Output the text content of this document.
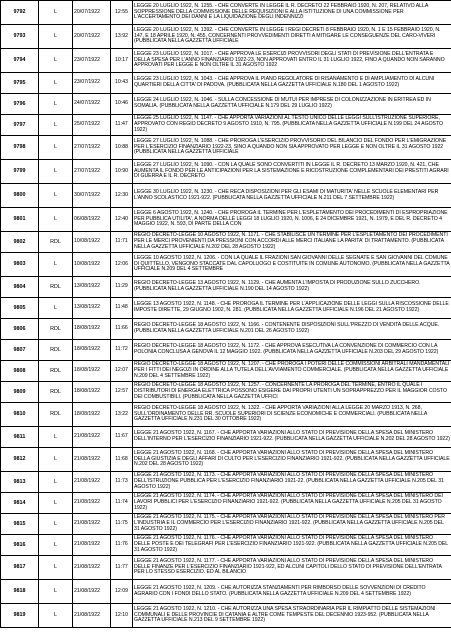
9792	L	20/07/1922	12:55	LEGGE 20 LUGLIO 1922, N. 1255. - CHE CONVERTE IN LEGGE IL R. DECRETO 22 FEBBRAIO 1920, N. 207, RELATIVO ALLA SOPPRESSIONE DELLA COMMISSIONE DELLE REQUISIZIONI E ALLA ISTITUZIONE DI UNA COMMISSIONE PER L'ACCERTAMENTO DEI DANNI E LA LIQUIDAZIONE DEGLI INDENNIZZI
9793	L	20/07/1922	13:92	LEGGE 20 LUGLIO 1922, N. 1392. - CHE CONVERTE IN LEGGE I REGI DECRETI 8 FEBBRAIO 1920, N. 1 E 15 FEBBRAIO 1920, N. 147, E 18 APRILE 1920, N. 455, CONCERNENTI PROVVEDIMENTI DIRETTI A MITIGARE LE CONSEGUENZE DEL CARO-VIVERI (PUBBLICATA NELLA GAZZETTA UFFICIALE
9794	L	23/07/1922	10:17	LEGGE 23 LUGLIO 1922, N. 1017. - CHE APPROVA LE ESERCIZI PROVVISORI DEGLI STATI DI PREVISIONE DELL'ENTRATA E DELLA SPESA PER L'ANNO FINANZIARIO 1922-23, NON APPROVATI ENTRO IL 31 LUGLIO 1922, FINO A QUANDO NON SARANNO APPROVATI PER LEGGE E NON OLTRE IL 31 AGOSTO 1922
9795	L	23/07/1922	10:43	LEGGE 23 LUGLIO 1922, N. 1043. - CHE APPROVA IL PIANO REGOLATORE DI RISANAMENTO E DI AMPLIAMENTO DI ALCUNI QUARTIERI DELLA CITTA' DI PADOVA. (PUBBLICATA NELLA GAZZETTA UFFICIALE N.180 DEL 1 AGOSTO 1922)
9796	L	24/07/1922	10:46	LEGGE 24 LUGLIO 1922, N. 1046. - SULLA CONCESSIONE DI MUTUI PER IMPRESE DI COLONIZZAZIONE IN ERITREA ED IN SOMALIA. (PUBBLICATA NELLA GAZZETTA UFFICIALE N.179 DEL 29 LUGLIO 1922)
9797	L	25/07/1922	11:47	LEGGE 25 LUGLIO 1922, N. 1147. - CHE APPORTA VARIAZIONI AL TESTO UNICO DELLE LEGGI SULL'ISTRUZIONE SUPERIORE, APPROVATO CON REGIO DECRETO 9 AGOSTO 1910, N. 795. (PUBBLICATA NELLA GAZZETTA UFFICIALE N.199 DEL 24 AGOSTO 1922)
9798	L	27/07/1922	10:88	LEGGE 27 LUGLIO 1922, N. 1088. - CHE PROROGA L'ESERCIZIO PROVVISORIO DEL BILANCIO DEL FONDO PER L'EMIGRAZIONE PER L'ESERCIZIO FINANZIARIO 1922-23, SINO A QUANDO NON SIA APPROVATO PER LEGGE E NON OLTRE IL 31 AGOSTO 1922 (PUBBLICATA NELLA GAZZETTA UFFICIALE
9799	L	27/07/1922	10:90	LEGGE 27 LUGLIO 1922, N. 1090. - CON LA QUALE SONO CONVERTITI IN LEGGE IL R. DECRETO 13 MARZO 1920, N. 421, CHE AUMENTA IL FONDO PER LE ANTICIPAZIONI PER LA SISTEMAZIONE E RICOSTRUZIONE COMPLEMENTARI DEI PRESTITI AGRARI DI GUERRA E IL R. DECRETO
9800	L	30/07/1922	12:30	LEGGE 30 LUGLIO 1922, N. 1230. - CHE RECA DISPOSIZIONI PER GLI ESAMI DI MATURITA' NELLE SCUOLE ELEMENTARI PER L'ANNO SCOLASTICO 1921-922. (PUBBLICATA NELLA GAZZETTA UFFICIALE N.211 DEL 7 SETTEMBRE 1922)
9801	L	06/08/1922	12:40	LEGGE 6 AGOSTO 1922, N. 1240. - CHE PROROGA IL TERMINE PER L'ESPLETAMENTO DEI PROCEDIMENTI DI ESPROPRIAZIONE PER PUBBLICA UTILITA', A NORMA DELLE LEGGI 18 LUGLIO 1920, N. 1006, E 24 DICEMBRE 1921, N. 1979, E DEL R. DECRETO 4 MAGGIO 1922, N. 593, DI PARTE DELLA CON
9802	RDL	10/08/1922	11:71	REGIO DECRETO-LEGGE 10 AGOSTO 1922, N. 1171. - CHE STABILISCE UN TERMINE PER L'ESPLETAMENTO DEI PROCEDIMENTI PER LE MERCI PROVENIENTI DA PRESSIONI CON ACCORDI ALLE MERCI ITALIANE LA PARITA' DI TRATTAMENTO. (PUBBLICATA NELLA GAZZETTA UFFICIALE N.202 DEL 28 AGOSTO 1922)
9803	L	10/08/1922	12:06	LEGGE 10 AGOSTO 1922, N. 1206. - CON LA QUALE IL FRAZIONI SAN GIOVANNI DELLE SEGNATE E SAN GIOVANNI DEL COMUNE DI QUITTELLO, VENGONO STACCATE DAL CAPOLUOGO E COSTITUITE IN COMUNE AUTONOMO. (PUBBLICATA NELLA GAZZETTA UFFICIALE N.209 DEL 4 SETTEMBRE
9804	RDL	13/08/1922	11:29	REGIO DECRETO-LEGGE 13 AGOSTO 1922, N. 1129. - CHE AUMENTA L'IMPOSTA DI PRODUZIONE SULLO ZUCCHERO. (PUBBLICATA NELLA GAZZETTA UFFICIALE N.190 DEL 14 AGOSTO 1922)
9805	L	13/08/1922	11:48	LEGGE 13 AGOSTO 1922, N. 1148. - CHE PROROGA IL TERMINE PER L'APPLICAZIONE DELLE LEGGI SULLA RISCOSSIONE DELLE IMPOSTE DIRETTE, 29 GIUGNO 1902, N. 281. (PUBBLICATA NELLA GAZZETTA UFFICIALE N.196 DEL 21 AGOSTO 1922)
9806	RDL	18/08/1922	11:66	REGIO DECRETO-LEGGE 18 AGOSTO 1922, N. 1166. - CONTENENTE DISPOSIZIONI SULL'PREZZO DI VENDITA DELLE ACQUE. (PUBBLICATA NELLA GAZZETTA UFFICIALE N.201 DEL 26 AGOSTO 1922)
9807	RDL	18/08/1922	11:72	REGIO DECRETO-LEGGE 18 AGOSTO 1922, N. 1172. - CHE APPROVA ESECUTIVA LA CONVENZIONE DI COMMERCIO CON LA POLONIA CONCLUSA A GENOVA IL 12 MAGGIO 1922. (PUBBLICATA NELLA GAZZETTA UFFICIALE N.203 DEL 29 AGOSTO 1922)
9808	RDL	18/08/1922	12:07	REGIO DECRETO-LEGGE 18 AGOSTO 1922, N. 1207. - CHE PROROGA I POTERI DELLE COMMISSIONI ARBITRALI MANDAMENTALI PER I FITTI DEI NEGOZI IN ORDINE ALLA TUTELA DELL'AVVIAMENTO COMMERCIALE. (PUBBLICATA NELLA GAZZETTA UFFICIALE N.209 DEL 4 SETTEMBRE 1922)
9809	RDL	18/08/1922	12:57	REGIO DECRETO-LEGGE 18 AGOSTO 1922, N. 1257. - CONCERNENTE LA PROROGA DEL TERMINE, ENTRO IL QUALE I DISTRIBUTORI DI ENERGIA ELETTRICA POSSONO ESIGERE DAI PROPRI UTENTI UN SOPRAPPREZZO PER IL MAGGIOR COSTO DEI COMBUSTIBILI. (PUBBLICATA NELLA GAZZETTA UFFICI
9810	RDL	18/08/1922	13:22	REGIO DECRETO-LEGGE 18 AGOSTO 1922, N. 1322. - CHE APPORTA VARIAZIONI ALLA LEGGE 20 MARZO 1913, N. 268, SULL'ORDINAMENTO DELLE RR. SCUOLE SUPERIORI DI SCIENZE ECONOMICHE E COMMERCIALI. (PUBBLICATA NELLA GAZZETTA UFFICIALE N.231 DEL 30 OTTOBRE 1922)
9811	L	21/08/1922	11:67	LEGGE 21 AGOSTO 1922, N. 1167. - CHE APPORTA VARIAZIONI ALLO STATO DI PREVISIONE DELLA SPESA DEL MINISTERO DELL'INTERNO PER L'ESERCIZIO FINANZIARIO 1921-922. (PUBBLICATA NELLA GAZZETTA UFFICIALE N.202 DEL 28 AGOSTO 1922)
9812	L	21/08/1922	11:68	LEGGE 21 AGOSTO 1922, N. 1168. - CHE APPORTA VARIAZIONI ALLO STATO DI PREVISIONE DELLA SPESA DEL MINISTERO DELLA GIUSTIZIA E DEGLI AFFARI DI CULTO PER L'ESERCIZIO FINANZIARIO 1921-922. (PUBBLICATA NELLA GAZZETTA UFFICIALE N.202 DEL 28 AGOSTO 1922)
9813	L	21/08/1922	11:73	LEGGE 21 AGOSTO 1922, N. 1173. - CHE APPORTA VARIAZIONI ALLO STATO DI PREVISIONE DELLA SPESA DEL MINISTERO DELL'ISTRUZIONE PUBBLICA PER L'ESERCIZIO FINANZIARIO 1921-22. (PUBBLICATA NELLA GAZZETTA UFFICIALE N.205 DEL 31 AGOSTO 1922)
9814	L	21/08/1922	11:74	LEGGE 21 AGOSTO 1922, N. 1174. - CHE APPORTA VARIAZIONI ALLO STATO DI PREVISIONE DELLA SPESA DEL MINISTERO DEI LAVORI PUBBLICI PER L'ESERCIZIO FINANZIARIO 1921-922. (PUBBLICATA NELLA GAZZETTA UFFICIALE N.205 DEL 31 AGOSTO 1922)
9815	L	21/08/1922	11:75	LEGGE 21 AGOSTO 1922, N. 1175. - CHE APPORTA VARIAZIONI ALLO STATO DI PREVISIONE DELLA SPESA DEL MINISTERO PER L'INDUSTRIA E IL COMMERCIO PER L'ESERCIZIO FINANZIARIO 1921-922. (PUBBLICATA NELLA GAZZETTA UFFICIALE N.205 DEL 31 AGOSTO 1922)
9816	L	21/08/1922	11:76	LEGGE 21 AGOSTO 1922, N. 1176. - CHE APPORTA VARIAZIONI ALLO STATO DI PREVISIONE DELLA SPESA DEL MINISTERO DELLE POSTE E DEI TELEGRAFI PER L'ESERCIZIO FINANZIARIO 1921-922. (PUBBLICATA NELLA GAZZETTA UFFICIALE N.205 DEL 31 AGOSTO 1922)
9817	L	21/08/1922	11:77	LEGGE 21 AGOSTO 1922, N. 1177. - CHE APPORTA VARIAZIONI ALLO STATO DI PREVISIONE DELLA SPESA DEL MINISTERO DELLE FINANZE PER L'ESERCIZIO FINANZIARIO 1921-922, ED ALCUNI CAPITOLI DELLO STATO DI PREVISIONE DELL'ENTRATA PER LO STESSO ESERCIZIO. ED AL BILANCIO
9818	L	21/08/1922	12:09	LEGGE 21 AGOSTO 1922, N. 1209. - CHE AUTORIZZA STANZIAMENTI PER RIMBORSO DELLE SOVVENZIONI DI CREDITO AGRARIO CON I FONDI DELLO STATO. (PUBBLICATA NELLA GAZZETTA UFFICIALE N.209 DEL 4 SETTEMBRE 1922)
9819	L	21/08/1922	12:10	LEGGE 21 AGOSTO 1922, N. 1210. - CHE AUTORIZZA UNA SPESA STRAORDINARIA PER IL RIMPIATTO DELLE SISTEMAZIONI COMMUNALI E DELLE PROVINCIE DI CATANIA E ALTRE COME TEMPESTE DEL DECENNIO 1923-952. (PUBBLICATA NELLA GAZZETTA UFFICIALE N.213 DEL 9 SETTEMBRE 1922)
